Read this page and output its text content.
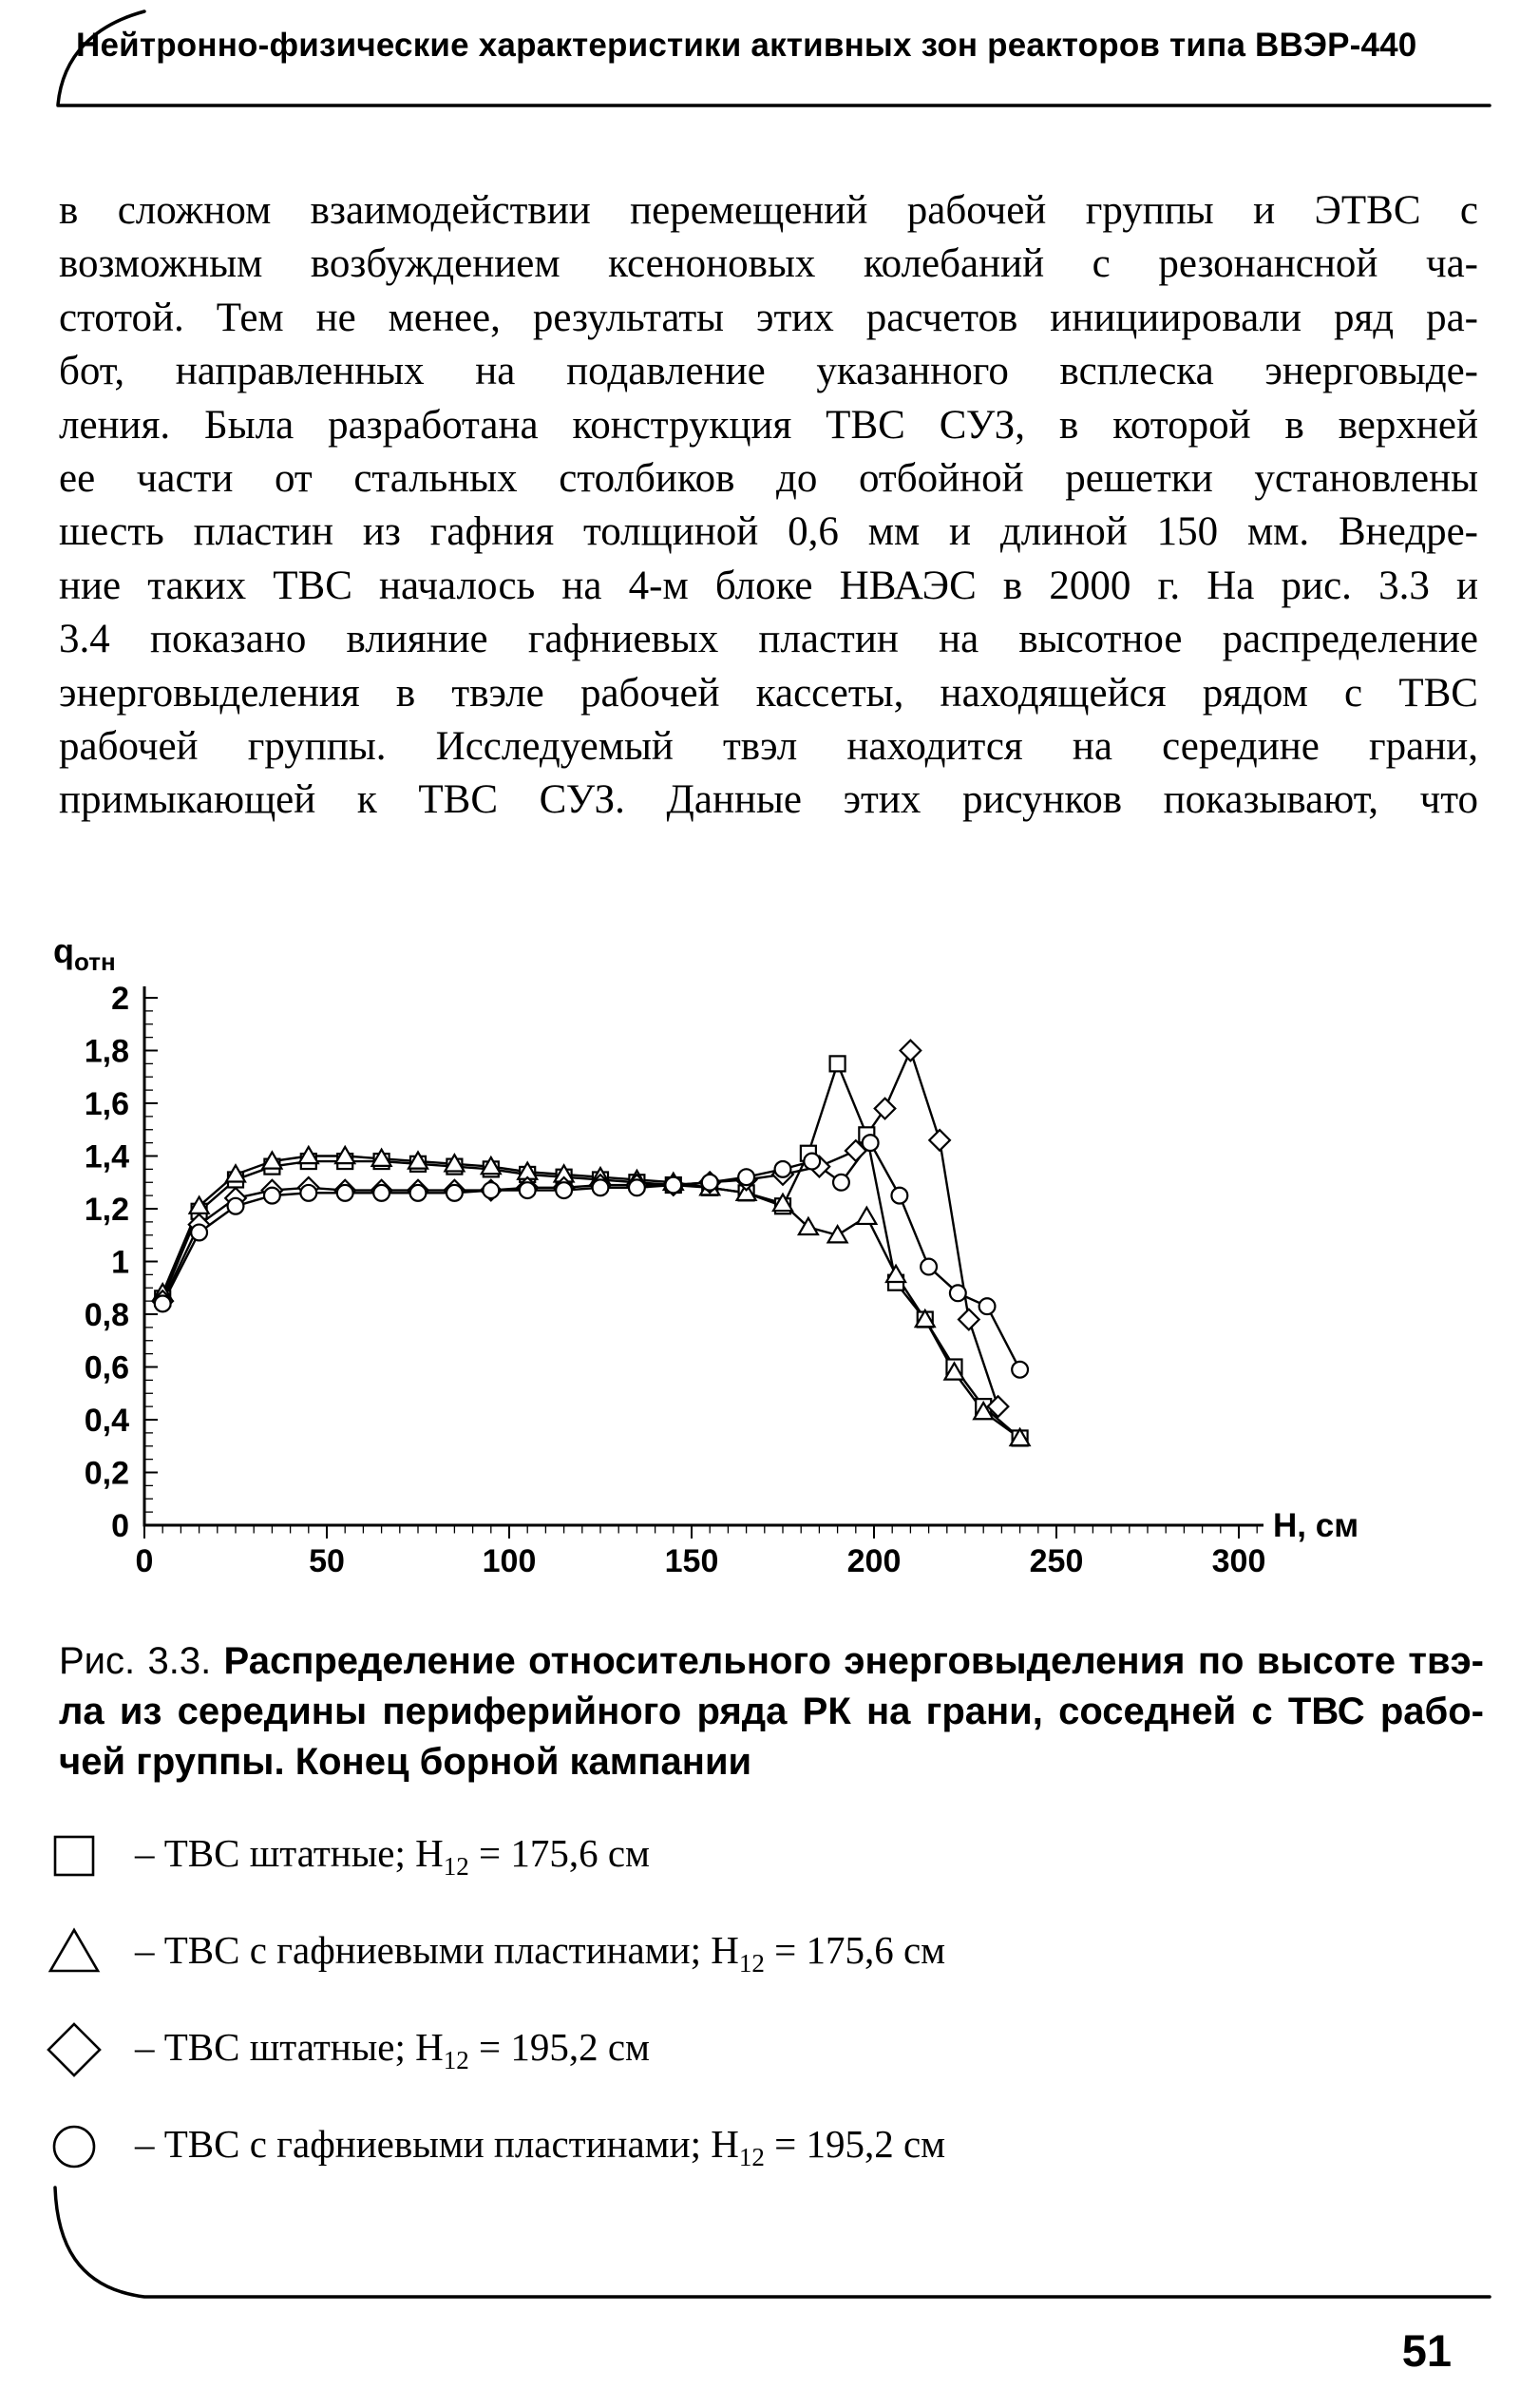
Нейтронно-физические характеристики активных зон реакторов типа ВВЭР-440
в сложном взаимодействии перемещений рабочей группы и ЭТВС с
возможным возбуждением ксеноновых колебаний с резонансной ча-
стотой. Тем не менее, результаты этих расчетов инициировали ряд ра-
бот, направленных на подавление указанного всплеска энерговыде-
ления. Была разработана конструкция ТВС СУЗ, в которой в верхней
ее части от стальных столбиков до отбойной решетки установлены
шесть пластин из гафния толщиной 0,6 мм и длиной 150 мм. Внедре-
ние таких ТВС началось на 4-м блоке НВАЭС в 2000 г. На рис. 3.3 и
3.4 показано влияние гафниевых пластин на высотное распределение
энерговыделения в твэле рабочей кассеты, находящейся рядом с ТВС
рабочей группы. Исследуемый твэл находится на середине грани,
примыкающей к ТВС СУЗ. Данные этих рисунков показывают, что
0
0,2
0,4
0,6
0,8
1
1,2
1,4
1,6
1,8
2
0	50	100	150	200	250	300
$q_{отн}$
Н, см
Рис. 3.3. Распределение относительного энерговыделения по высоте твэ-
ла из середины периферийного ряда РК на грани, соседней с ТВС рабо-
чей группы. Конец борной кампании
– ТВС штатные; $Н_{12} = 175,6$ см
– ТВС с гафниевыми пластинами; $Н_{12} = 175,6$ см
– ТВС штатные; $Н_{12} = 195,2$ см
– ТВС с гафниевыми пластинами; $Н_{12} = 195,2$ см
51
